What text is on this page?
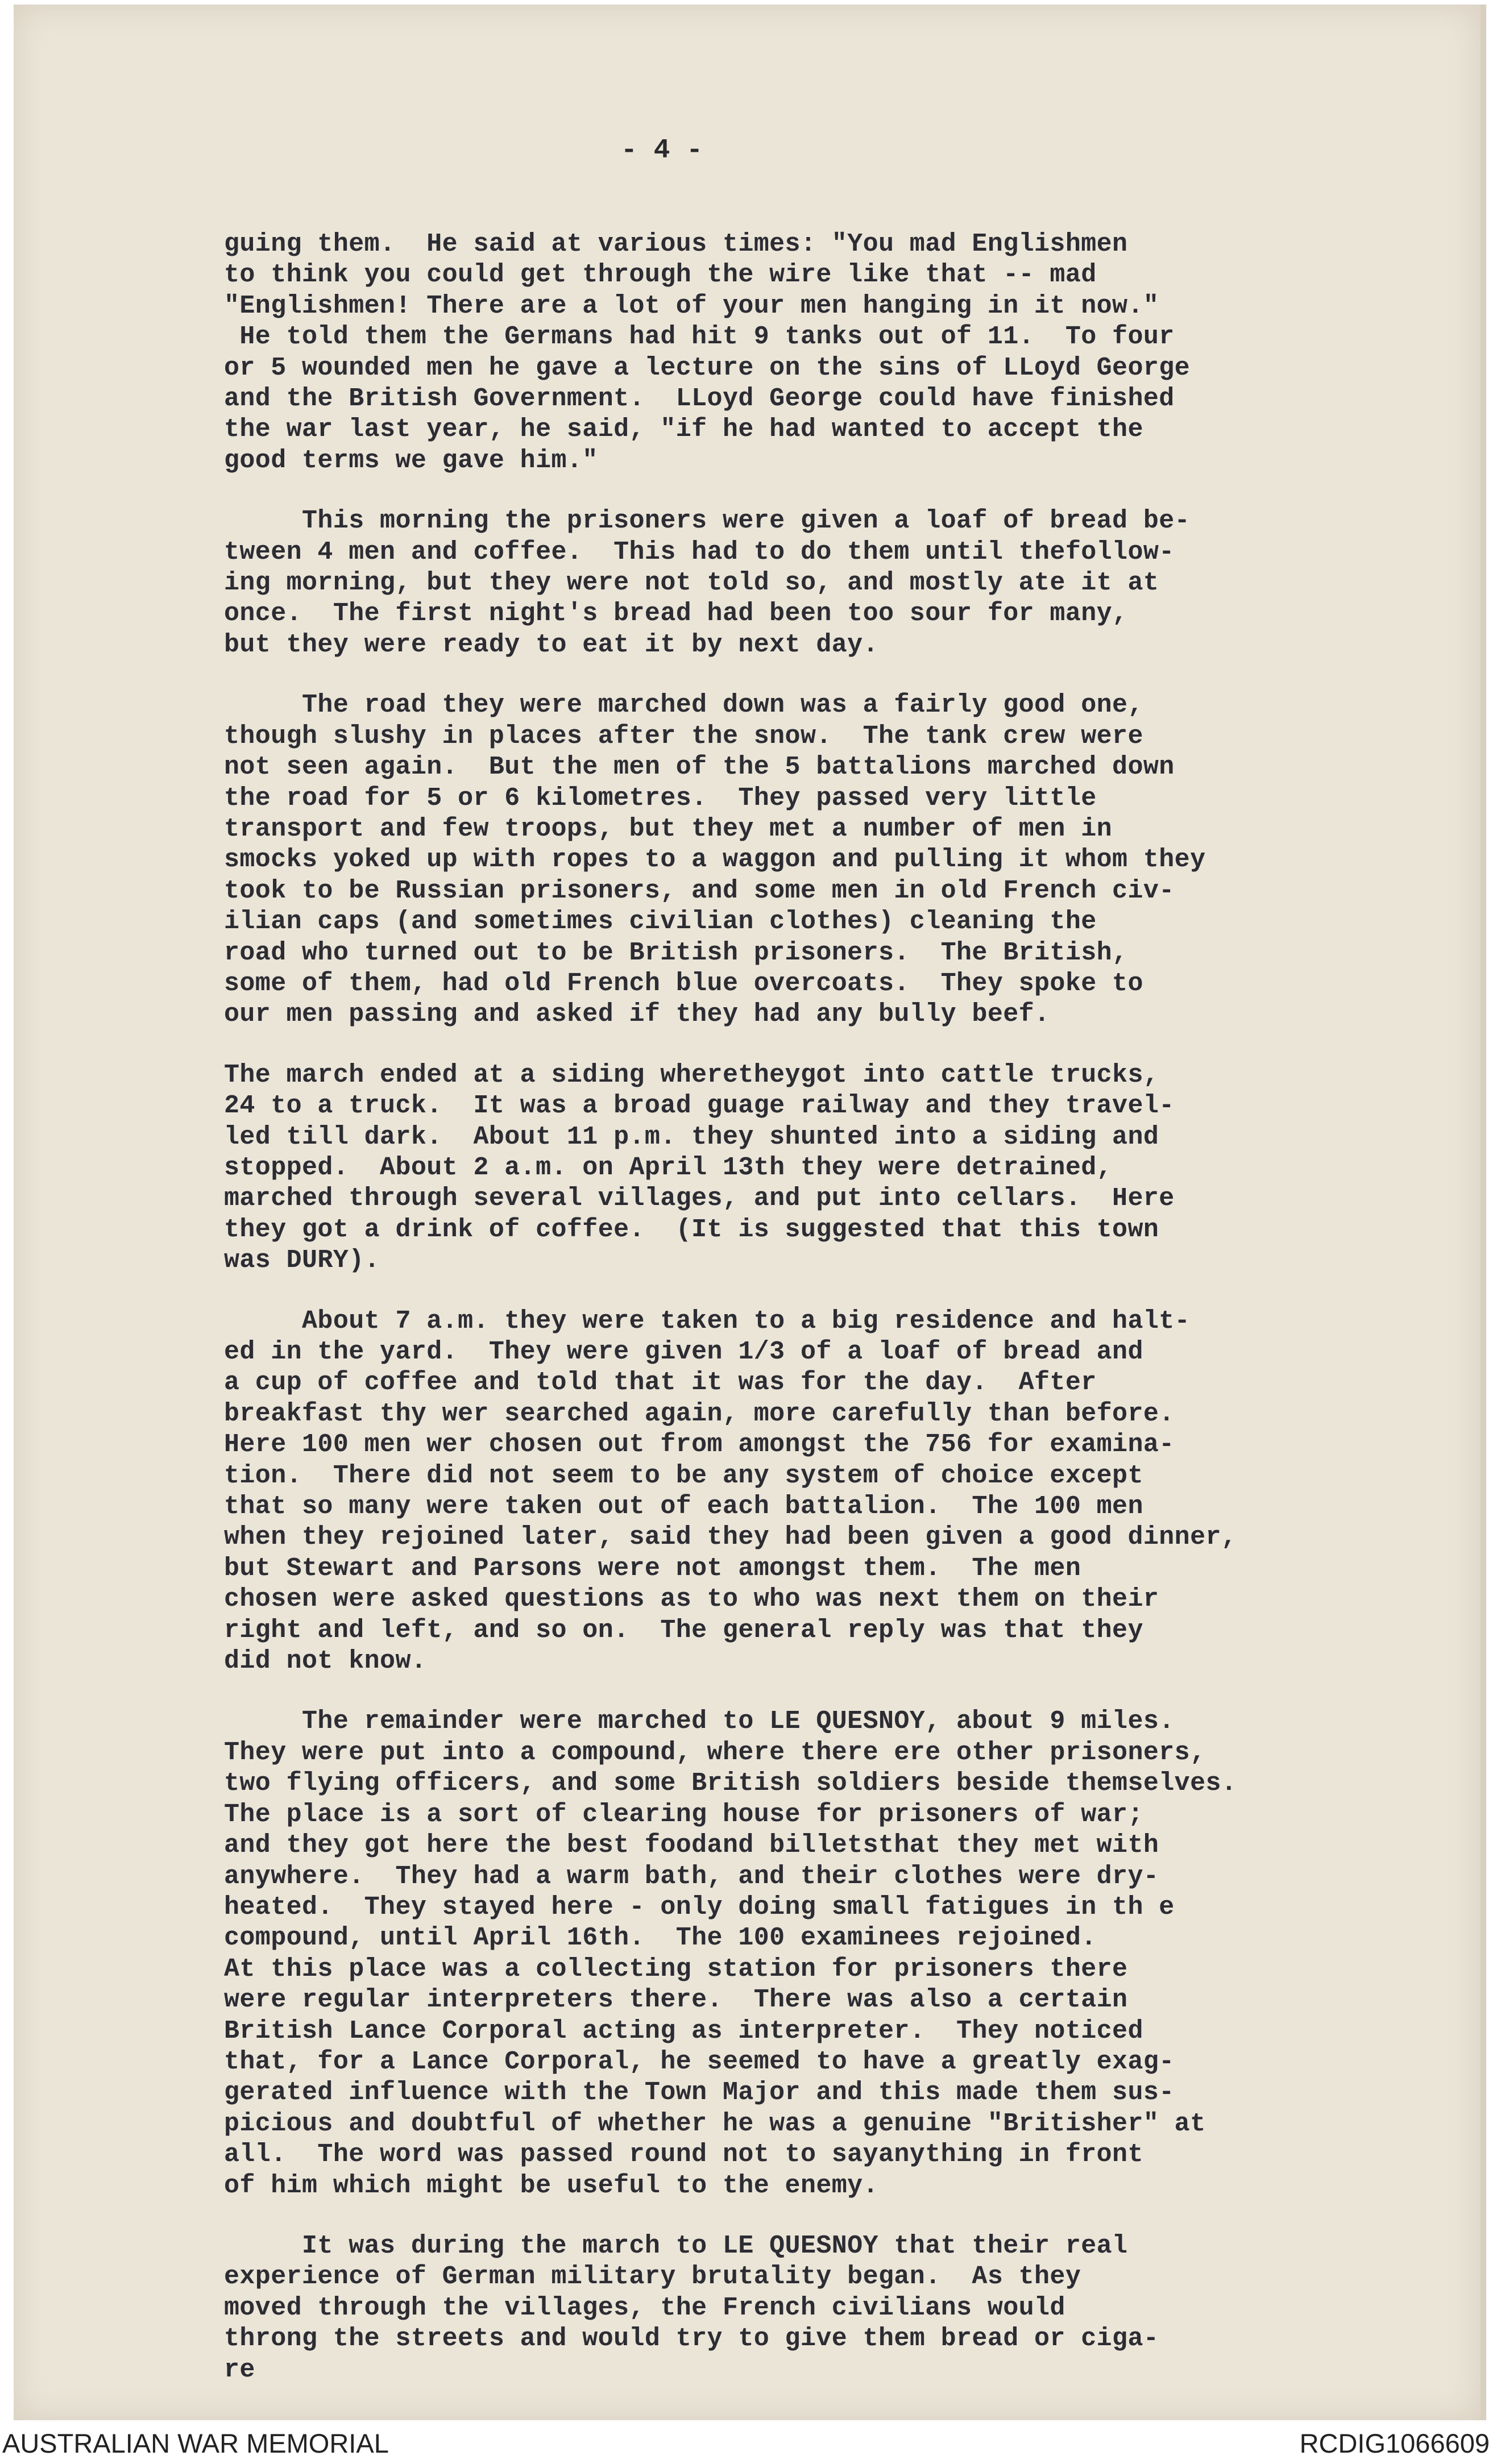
- 4 -

guing them.  He said at various times: "You mad Englishmen
to think you could get through the wire like that -- mad
"Englishmen! There are a lot of your men hanging in it now."
He told them the Germans had hit 9 tanks out of 11.  To four
or 5 wounded men he gave a lecture on the sins of LLoyd George
and the British Government.  LLoyd George could have finished
the war last year, he said, "if he had wanted to accept the
good terms we gave him."

This morning the prisoners were given a loaf of bread be-
tween 4 men and coffee.  This had to do them until thefollow-
ing morning, but they were not told so, and mostly ate it at
once.  The first night's bread had been too sour for many,
but they were ready to eat it by next day.

The road they were marched down was a fairly good one,
though slushy in places after the snow.  The tank crew were
not seen again.  But the men of the 5 battalions marched down
the road for 5 or 6 kilometres.  They passed very little
transport and few troops, but they met a number of men in
smocks yoked up with ropes to a waggon and pulling it whom they
took to be Russian prisoners, and some men in old French civ-
ilian caps (and sometimes civilian clothes) cleaning the
road who turned out to be British prisoners.  The British,
some of them, had old French blue overcoats.  They spoke to
our men passing and asked if they had any bully beef.

The march ended at a siding wheretheygot into cattle trucks,
24 to a truck.  It was a broad guage railway and they travel-
led till dark.  About 11 p.m. they shunted into a siding and
stopped.  About 2 a.m. on April 13th they were detrained,
marched through several villages, and put into cellars.  Here
they got a drink of coffee.  (It is suggested that this town
was DURY).

About 7 a.m. they were taken to a big residence and halt-
ed in the yard.  They were given 1/3 of a loaf of bread and
a cup of coffee and told that it was for the day.  After
breakfast thy wer searched again, more carefully than before.
Here 100 men wer chosen out from amongst the 756 for examina-
tion.  There did not seem to be any system of choice except
that so many were taken out of each battalion.  The 100 men
when they rejoined later, said they had been given a good dinner,
but Stewart and Parsons were not amongst them.  The men
chosen were asked questions as to who was next them on their
right and left, and so on.  The general reply was that they
did not know.

The remainder were marched to LE QUESNOY, about 9 miles.
They were put into a compound, where there ere other prisoners,
two flying officers, and some British soldiers beside themselves.
The place is a sort of clearing house for prisoners of war;
and they got here the best foodand billetsthat they met with
anywhere.  They had a warm bath, and their clothes were dry-
heated.  They stayed here - only doing small fatigues in th e
compound, until April 16th.  The 100 examinees rejoined.
At this place was a collecting station for prisoners there
were regular interpreters there.  There was also a certain
British Lance Corporal acting as interpreter.  They noticed
that, for a Lance Corporal, he seemed to have a greatly exag-
gerated influence with the Town Major and this made them sus-
picious and doubtful of whether he was a genuine "Britisher" at
all.  The word was passed round not to sayanything in front
of him which might be useful to the enemy.

It was during the march to LE QUESNOY that their real
experience of German military brutality began.  As they
moved through the villages, the French civilians would
throng the streets and would try to give them bread or ciga-
re

AUSTRALIAN WAR MEMORIAL	RCDIG1066609
